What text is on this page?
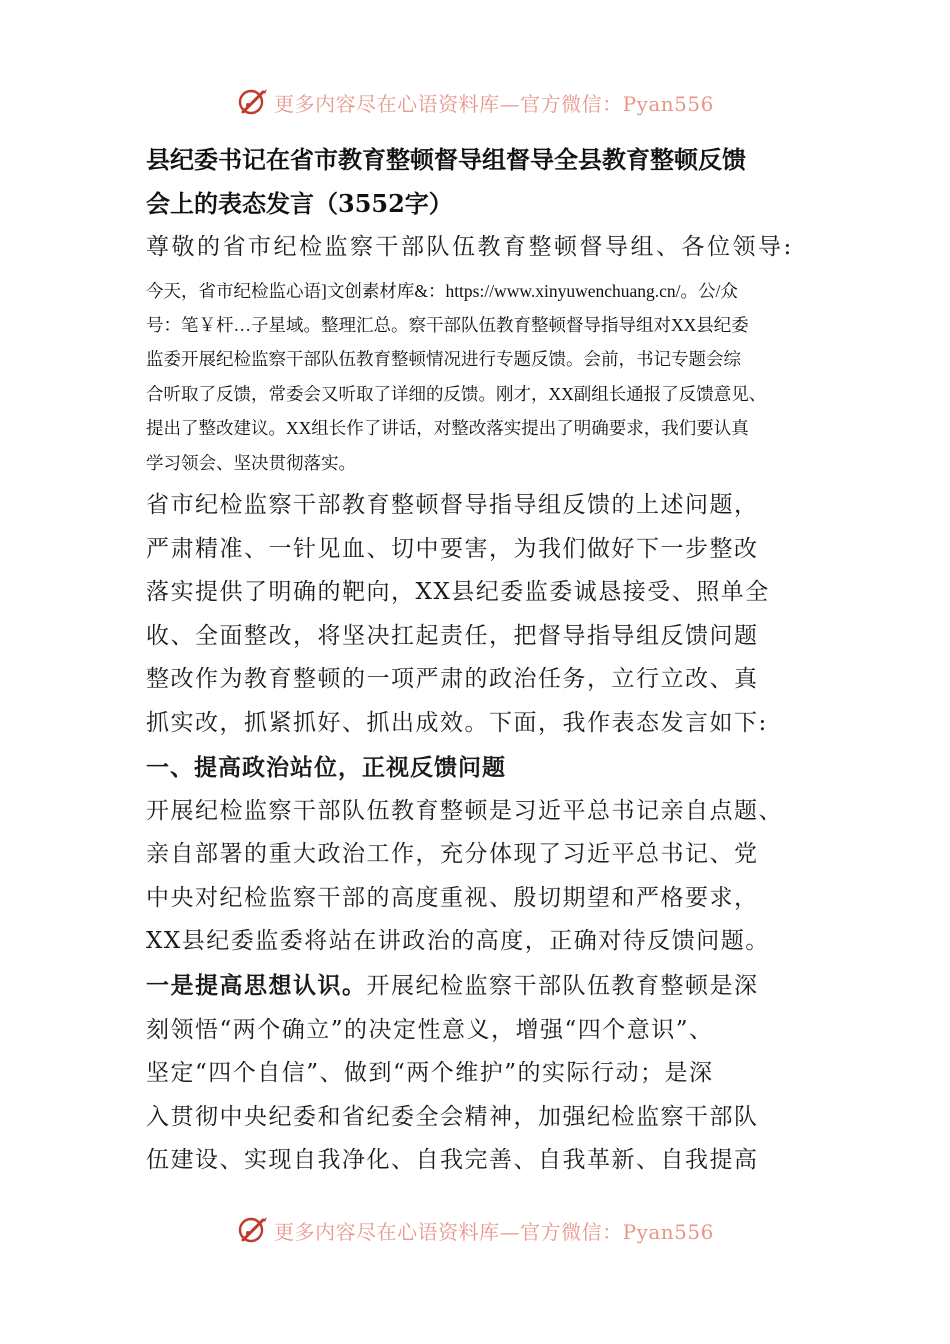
更多内容尽在心语资料库—官方微信：Pyan556

县纪委书记在省市教育整顿督导组督导全县教育整顿反馈

会上的表态发言（3552字）

尊敬的省市纪检监察干部队伍教育整顿督导组、各位领导:

今天，省市纪检监心语]文创素材库&：https://www.xinyuwenchuang.cn/。公/众
号：笔￥杆…子星域。整理汇总。察干部队伍教育整顿督导指导组对XX县纪委
监委开展纪检监察干部队伍教育整顿情况进行专题反馈。会前，书记专题会综
合听取了反馈，常委会又听取了详细的反馈。刚才，XX副组长通报了反馈意见、
提出了整改建议。XX组长作了讲话，对整改落实提出了明确要求，我们要认真
学习领会、坚决贯彻落实。

省市纪检监察干部教育整顿督导指导组反馈的上述问题，

严肃精准、一针见血、切中要害，为我们做好下一步整改

落实提供了明确的靶向，XX县纪委监委诚恳接受、照单全

收、全面整改，将坚决扛起责任，把督导指导组反馈问题

整改作为教育整顿的一项严肃的政治任务，立行立改、真

抓实改，抓紧抓好、抓出成效。下面，我作表态发言如下:

一、提高政治站位，正视反馈问题

开展纪检监察干部队伍教育整顿是习近平总书记亲自点题、

亲自部署的重大政治工作，充分体现了习近平总书记、党

中央对纪检监察干部的高度重视、殷切期望和严格要求，

XX县纪委监委将站在讲政治的高度，正确对待反馈问题。

一是提高思想认识。开展纪检监察干部队伍教育整顿是深

刻领悟“两个确立”的决定性意义，增强“四个意识”、

坚定“四个自信”、做到“两个维护”的实际行动；是深

入贯彻中央纪委和省纪委全会精神，加强纪检监察干部队

伍建设、实现自我净化、自我完善、自我革新、自我提高

更多内容尽在心语资料库—官方微信：Pyan556
